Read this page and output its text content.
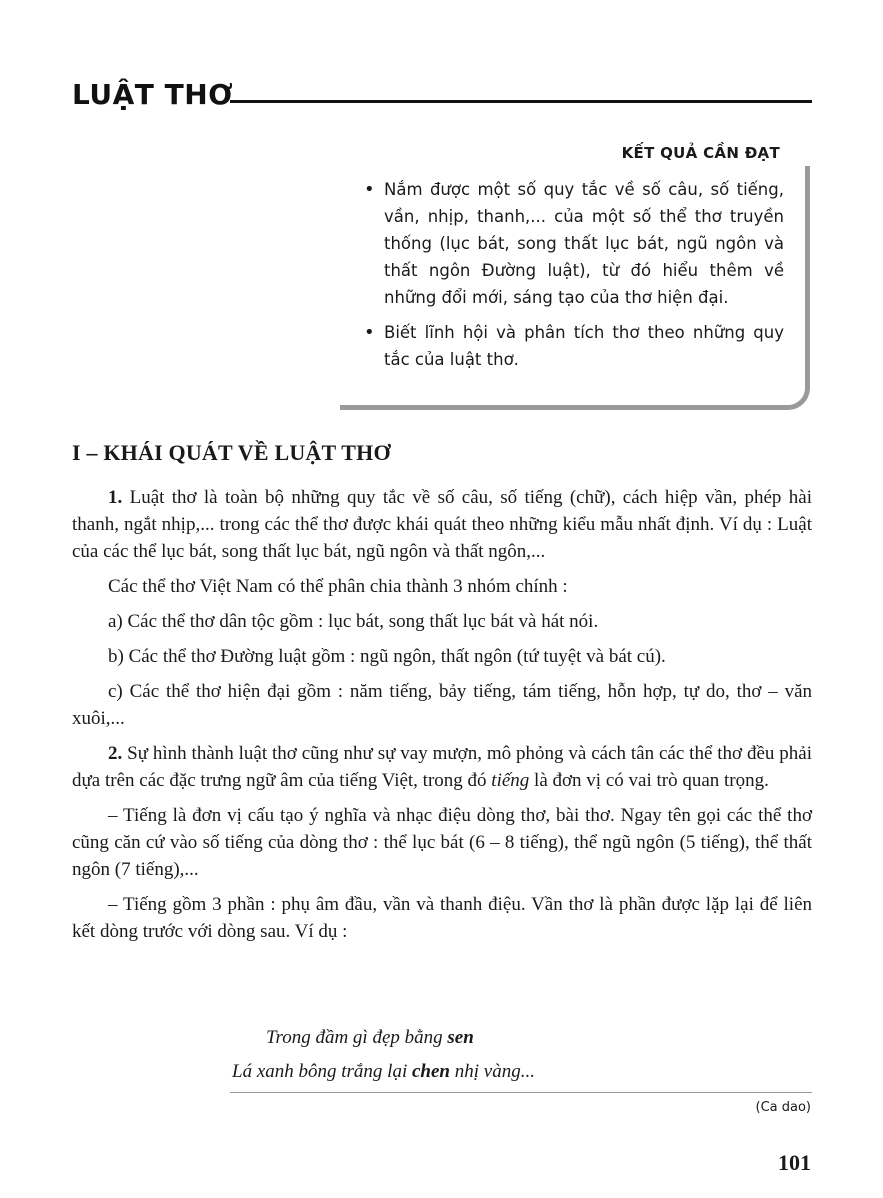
LUẬT THƠ
KẾT QUẢ CẦN ĐẠT
• Nắm được một số quy tắc về số câu, số tiếng, vần, nhịp, thanh,... của một số thể thơ truyền thống (lục bát, song thất lục bát, ngũ ngôn và thất ngôn Đường luật), từ đó hiểu thêm về những đổi mới, sáng tạo của thơ hiện đại.
• Biết lĩnh hội và phân tích thơ theo những quy tắc của luật thơ.
I – KHÁI QUÁT VỀ LUẬT THƠ

1. Luật thơ là toàn bộ những quy tắc về số câu, số tiếng (chữ), cách hiệp vần, phép hài thanh, ngắt nhịp,... trong các thể thơ được khái quát theo những kiểu mẫu nhất định. Ví dụ : Luật của các thể lục bát, song thất lục bát, ngũ ngôn và thất ngôn,...

Các thể thơ Việt Nam có thể phân chia thành 3 nhóm chính :

a) Các thể thơ dân tộc gồm : lục bát, song thất lục bát và hát nói.

b) Các thể thơ Đường luật gồm : ngũ ngôn, thất ngôn (tứ tuyệt và bát cú).

c) Các thể thơ hiện đại gồm : năm tiếng, bảy tiếng, tám tiếng, hỗn hợp, tự do, thơ – văn xuôi,...

2. Sự hình thành luật thơ cũng như sự vay mượn, mô phỏng và cách tân các thể thơ đều phải dựa trên các đặc trưng ngữ âm của tiếng Việt, trong đó tiếng là đơn vị có vai trò quan trọng.

– Tiếng là đơn vị cấu tạo ý nghĩa và nhạc điệu dòng thơ, bài thơ. Ngay tên gọi các thể thơ cũng căn cứ vào số tiếng của dòng thơ : thể lục bát (6 – 8 tiếng), thể ngũ ngôn (5 tiếng), thể thất ngôn (7 tiếng),...

– Tiếng gồm 3 phần : phụ âm đầu, vần và thanh điệu. Vần thơ là phần được lặp lại để liên kết dòng trước với dòng sau. Ví dụ :

Trong đầm gì đẹp bằng sen
Lá xanh bông trắng lại chen nhị vàng...
(Ca dao)
101
